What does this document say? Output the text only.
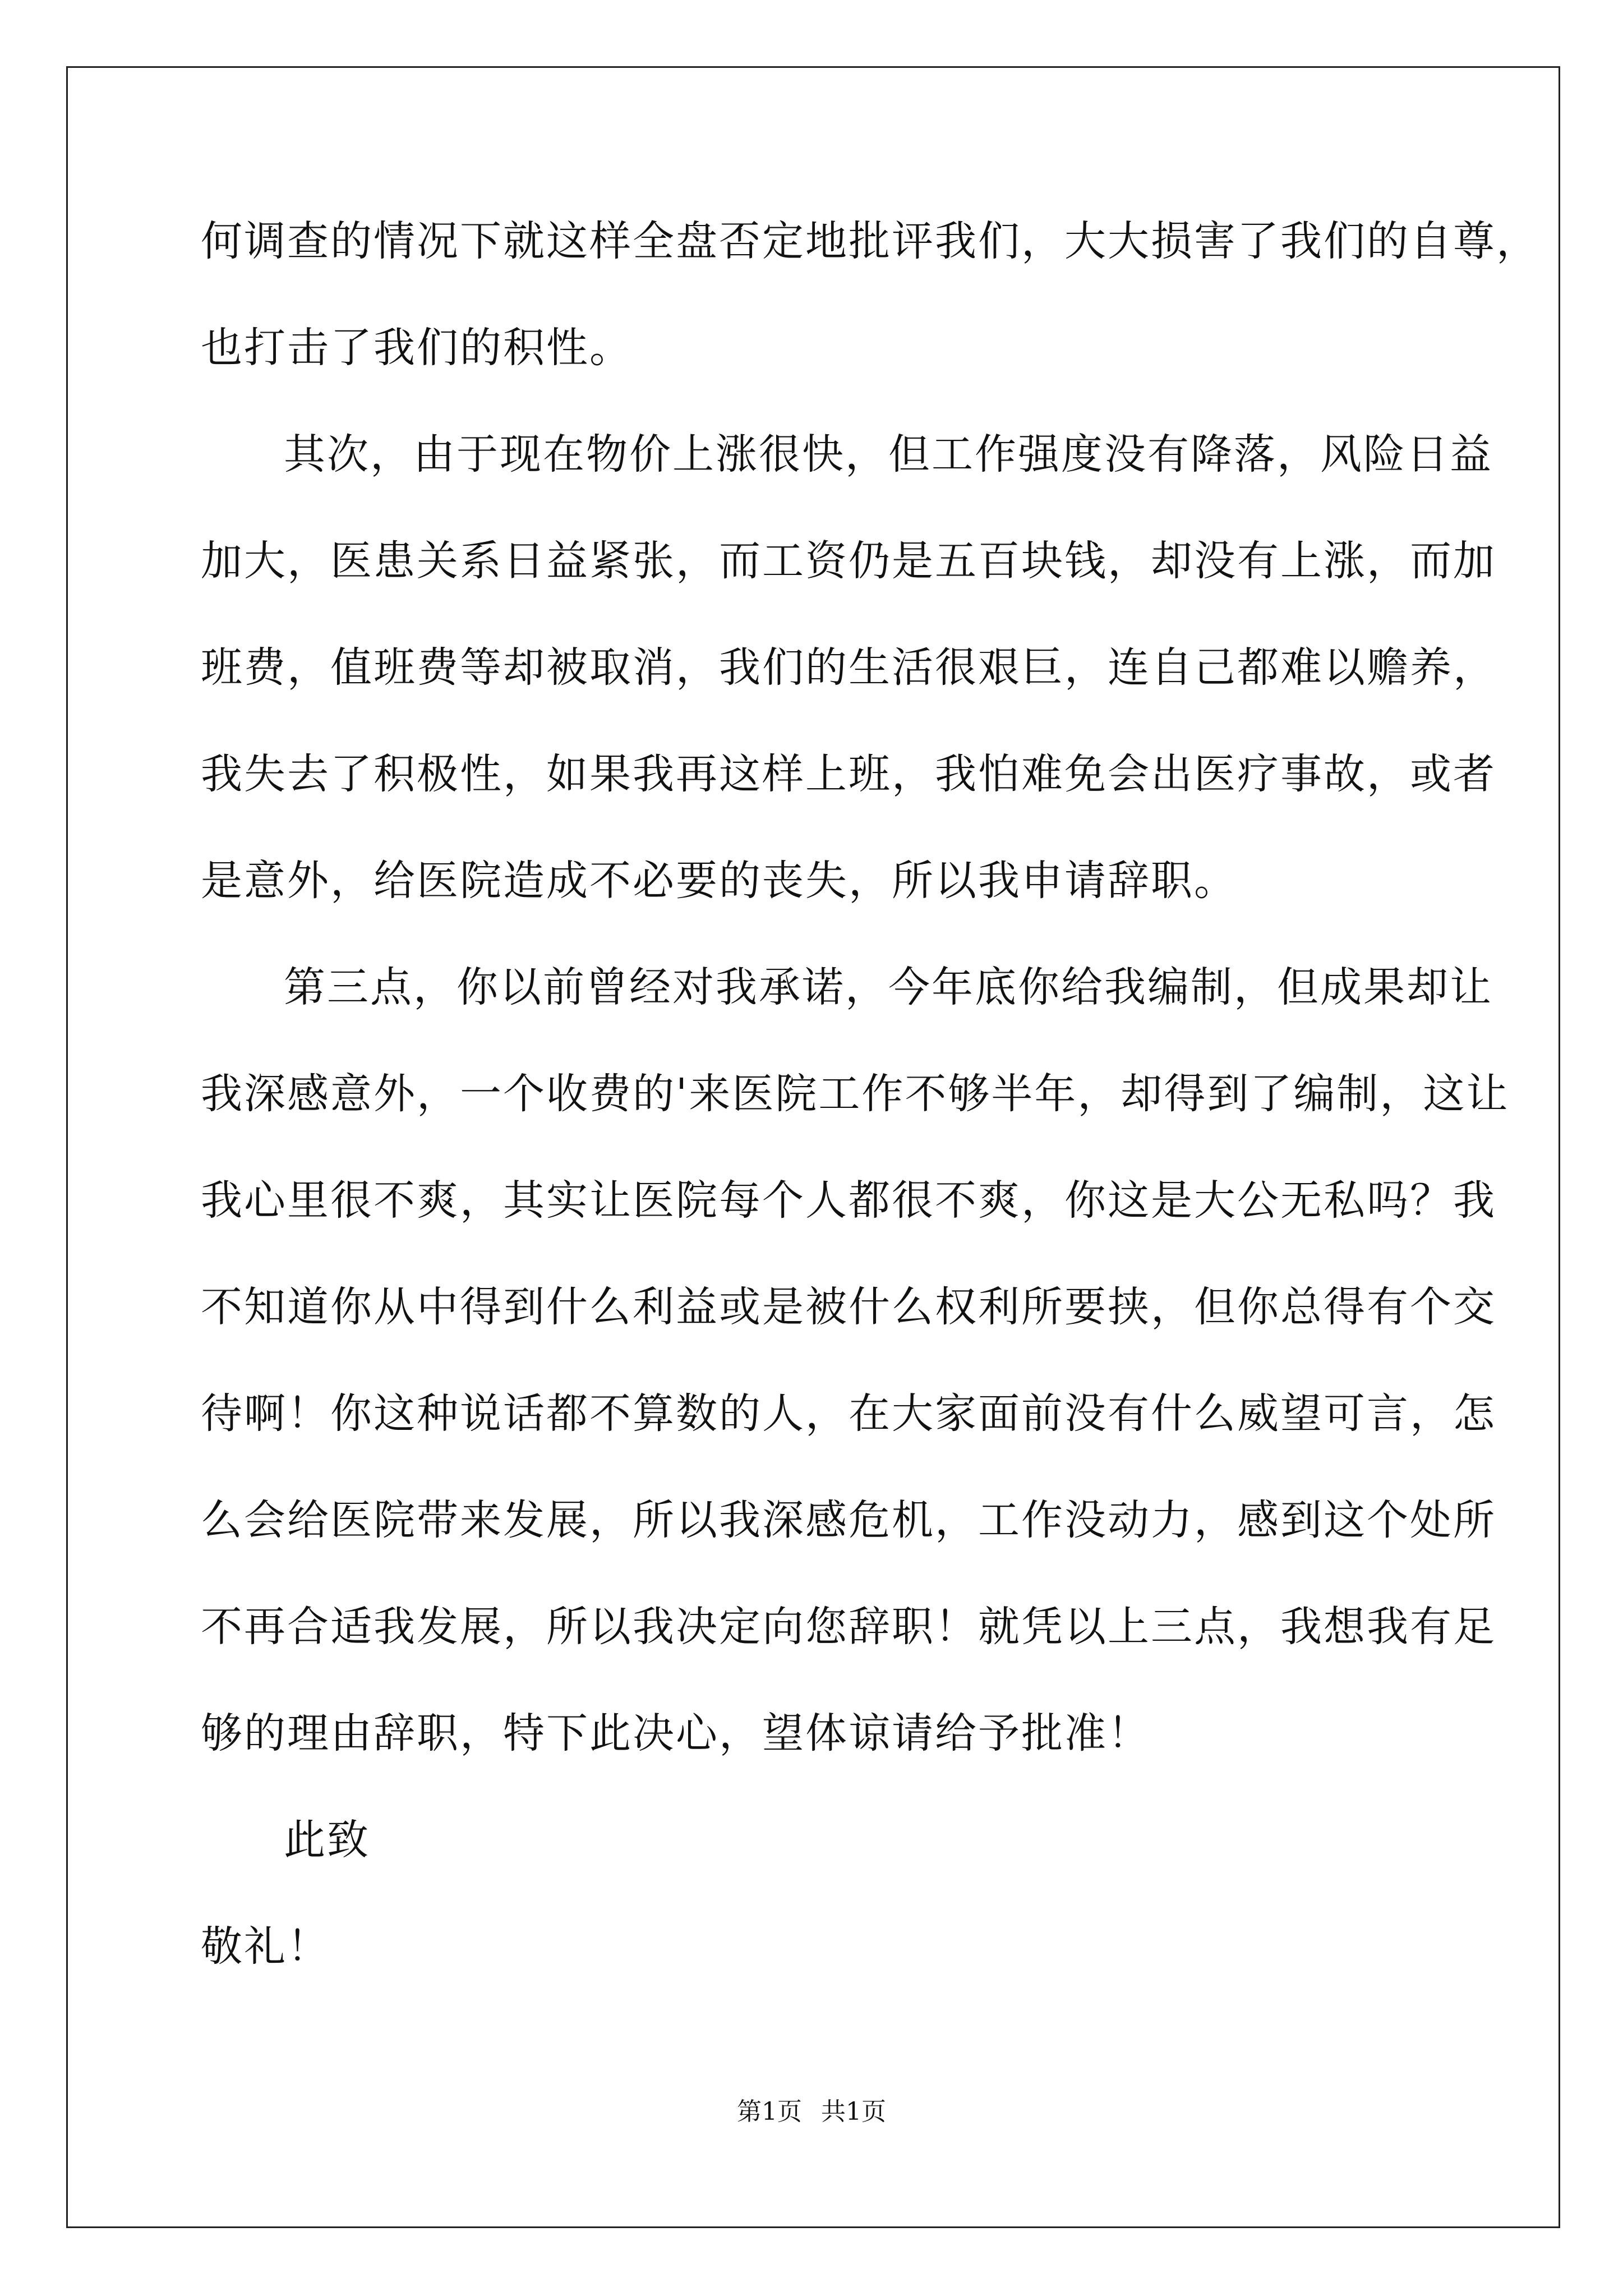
何调查的情况下就这样全盘否定地批评我们，大大损害了我们的自尊，
也打击了我们的积性。
其次，由于现在物价上涨很快，但工作强度没有降落，风险日益
加大，医患关系日益紧张，而工资仍是五百块钱，却没有上涨，而加
班费，值班费等却被取消，我们的生活很艰巨，连自己都难以赡养，
我失去了积极性，如果我再这样上班，我怕难免会出医疗事故，或者
是意外，给医院造成不必要的丧失，所以我申请辞职。
第三点，你以前曾经对我承诺，今年底你给我编制，但成果却让
我深感意外，一个收费的'来医院工作不够半年，却得到了编制，这让
我心里很不爽，其实让医院每个人都很不爽，你这是大公无私吗？我
不知道你从中得到什么利益或是被什么权利所要挟，但你总得有个交
待啊！你这种说话都不算数的人，在大家面前没有什么威望可言，怎
么会给医院带来发展，所以我深感危机，工作没动力，感到这个处所
不再合适我发展，所以我决定向您辞职！就凭以上三点，我想我有足
够的理由辞职，特下此决心，望体谅请给予批准！
此致
敬礼！
第1页 共1页
